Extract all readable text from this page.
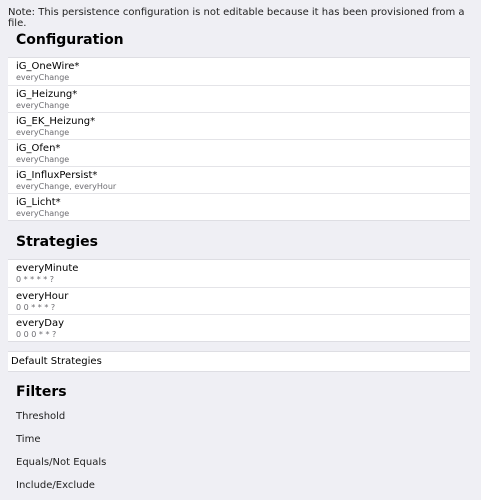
Note: This persistence configuration is not editable because it has been provisioned from a file.
Configuration
iG_OneWire*
everyChange
iG_Heizung*
everyChange
iG_EK_Heizung*
everyChange
iG_Ofen*
everyChange
iG_InfluxPersist*
everyChange, everyHour
iG_Licht*
everyChange
Strategies
everyMinute
0 * * * * ?
everyHour
0 0 * * * ?
everyDay
0 0 0 * * ?
Default Strategies
Filters
Threshold
Time
Equals/Not Equals
Include/Exclude
